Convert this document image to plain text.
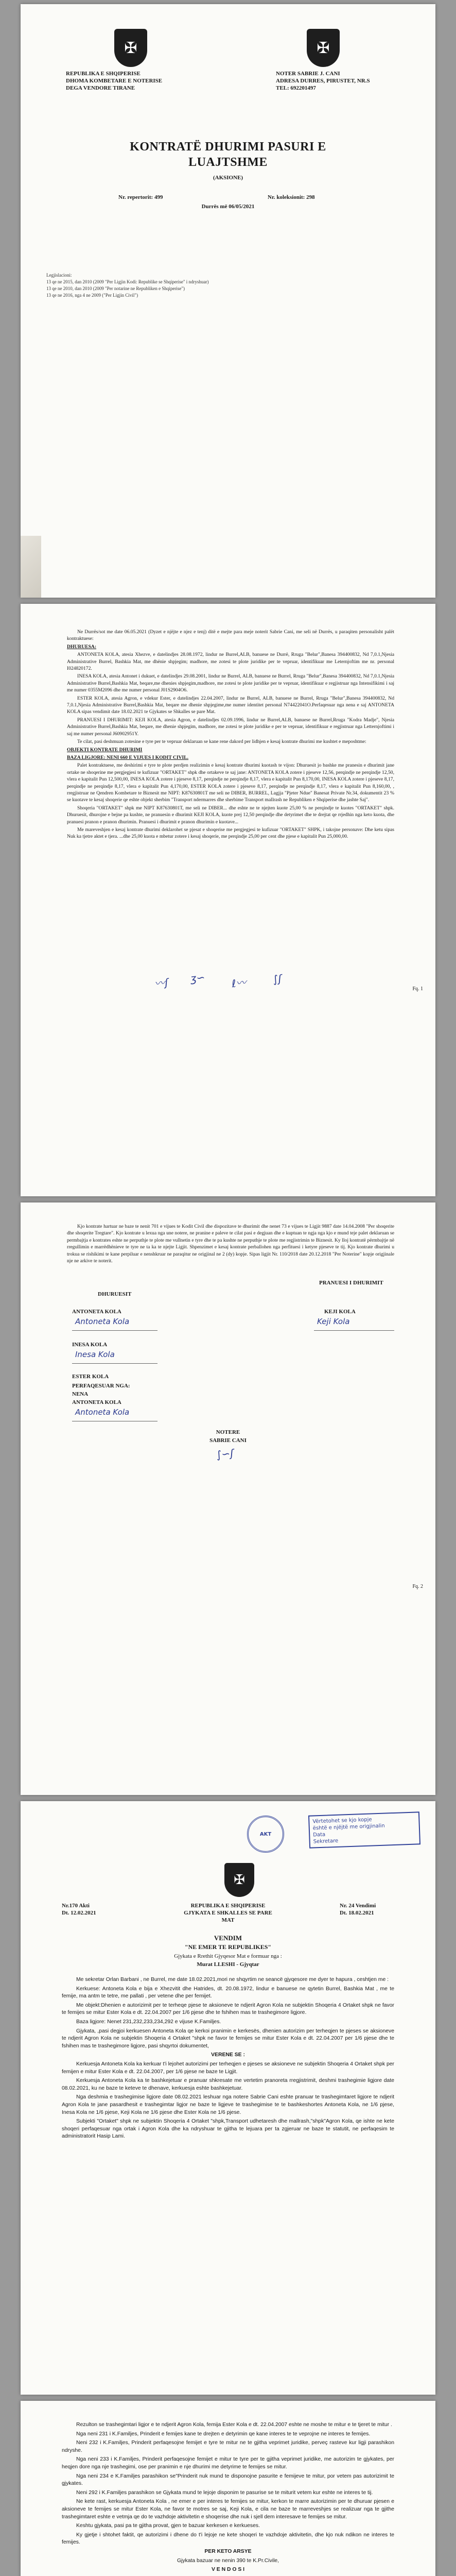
✠	✠
REPUBLIKA E SHQIPERISE
DHOMA KOMBETARE E NOTERISE
DEGA VENDORE TIRANE
NOTER SABRIE J. CANI
ADRESA DURRES, PIRUSTET, NR.S
TEL: 692201497
KONTRATË DHURIMI PASURI E
LUAJTSHME
(AKSIONE)
Nr. repertorit: 499	Nr. koleksionit: 298
Durrës më 06/05/2021
Legjislacioni:
13 qe ne 2015, dan 2010 (2009 "Per Ligjin Kodi: Republike se Shqiperise" i ndryshuar)
13 qe ne 2010, dan 2010 (2009 "Per notarine ne Republiken e Shqiperise")
13 qe ne 2016, nga 4 ne 2009 ("Per Ligjin Civil")

Ne Durrës/sot me date 06.05.2021 (Dyzet e njëjte e njez e tenj) ditë e mejte para meje noterit Sabrie Cani, me seli në Durrës, u paraqiten personalisht palët kontraktuese:

DHURUESA:

ANTONETA KOLA, atesia Xhezve, e datelindjes 28.08.1972, lindur ne Burrel,ALB, banuese ne Durrë, Rruga "Belur",Banesa 394400832, Nd 7,0.1,Njesia Administrative Burrel, Bashkia Mat, me dhënie shpjegim; madhore, me zotesi te plote juridike per te vepruar, identifikuar me Leternjoftim me nr. personal I024820172.

INESA KOLA, atesia Antonet i dukuet, e datelindjes 29.08.2001, lindur ne Burrel, ALB, banuese ne Burrel, Rruga "Belur",Banesa 394400832, Nd 7,0.1,Njesia Administrative Burrel,Bashkia Mat, beqare,me dhenies shpjegim,madhore, me zotesi te plote juridike per te vepruar, identifikuar e regjistruar nga Intensifikimi i saj me numer 0355M2096 dhe me numer personal J01S2904O6.

ESTER KOLA, atesia Agron, e vdekur Ester, e datelindjes 22.04.2007, lindur ne Burrel, ALB, banuese ne Burrel, Rruga "Belur",Banesa 394400832, Nd 7,0.1,Njesia Administrative Burrel,Bashkia Mat, beqare me dhenie shpjegime,me numer identitet personal N74422041O.Perfaqesuar nga nena e saj ANTONETA KOLA sipas vendimit date 18.02.2021 te Gjykates se Shkalles se pare Mat.

PRANUESI I DHURIMIT: KEJI KOLA, atesia Agron, e datelindjes 02.09.1996, lindur ne Burrel,ALB, banuese ne Burrel,Rruga "Kodra Madje", Njesia Administrative Burrel,Bashkia Mat, beqare, me dhenie shpjegim, madhore, me zotesi te plote juridike e per te vepruar, identifikuar e regjistruar nga Letternjoftimi i saj me numer personal J60902951Y.

Te cilat, pasi deshmuan zotesine e tyre per te vepruar deklaruan se kane rene dakord per lidhjen e kesaj kontrate dhurimi me kushtet e meposhtme:

OBJEKTI KONTRATE DHURIMI

BAZA LIGJORE: NENI 660 E VIJUES I KODIT CIVIL.

Palet kontraktuese, me deshirimi e tyre te plote perdjen realizimin e kesaj kontrate dhurimi kuotash te vijon: Dhuruesit jo bashke me pranesin e dhurimit jane ortake ne shoqerine me pergjegjesi te kufizuar "ORTAKET" shpk dhe ortakeve te saj jane: ANTONETA KOLA zotere i pjeseve 12,56, perqindje ne perqindje 12,50, vlera e kapitalit Pun 12,500,00, INESA KOLA zotere i pjeseve 8,17, perqindje ne perqindje 8,17, vlera e kapitalit Pun 8,170,00, INESA KOLA zotere i pjeseve 8,17, perqindje ne perqindje 8,17, vlera e kapitalit Pun 4,170,00, ESTER KOLA zotere i pjeseve 8,17, perqindje ne perqindje 8,17, vlera e kapitalit Pun 8,160,00, , rregjistruar ne Qendren Kombetare te Biznesit me NIPT: K87630801T me seli ne DIBER, BURREL, Lagjja "Pjeter Ndue" Banesat Private Nr.34, dokumentit 23 % se kuotave te kesaj shoqerie qe eshte objekt sherbim "Transport ndermarres dhe sherbime Transport mallrash ne Republiken e Shqiperise dhe jashte Saj".

Shoqeria "ORTAKET" shpk me NIPT K87630801T, me seli ne DIBER... dhe eshte ne te njejten kuote 25,00 % ne perqindje te kuotes "ORTAKET" shpk. Dhuruesit, dhurojne e bejne pa kushte, ne pranuesin e dhurimit KEJI KOLA, kuote prej 12,50 perqindje dhe detyrimet dhe te drejtat qe rrjedhin nga keto kuota, dhe pranuesi pranon e pranon dhurimin. Pranuesi i dhurimit e pranon dhurimin e kuotave...

Me mareveshjen e kesaj kontrate dhurimi deklarohet se pjesat e shoqerise me pergjegjesi te kufizuar "ORTAKET" SHPK, i takojne personave: Dhe ketu sipas Nuk ka tjetre aktet e tjera. ...dhe 25,00 kuota e mbetur zotere i kesaj shoqerie, me perqindje 25,00 per cent dhe pjese e kapitalit Pun 25,000,00.

〰ʃ ʒ∽ ℓ〰 ∫ʃ
Fq. 1

Kjo kontrate hartuar ne baze te nenit 701 e vijues te Kodit Civil dhe dispozitave te dhurimit dhe nenet 73 e vijues te Ligjit 9887 date 14.04.2008 "Per shoqerite dhe shoqerite Tregtare". Kjo kontrate u lexua nga une notere, ne pranine e paleve te cilat pasi e degjuan dhe e kuptuan te ngja nga kjo e mund teje palet deklaruan se permbajtja e kontrates eshte ne perputhje te plote me vullnetin e tyre dhe te pa kushte ne perputhje te plote me regjistrimin te Biznesit. Ky lloj kontratë përmbajtje në rregullimin e marrëdhënieve te tyre ne ta ka te njejte Ligjit. Shpenzimet e kesaj kontrate perballohen nga perfituesi i ketyre pjeseve te tij. Kjo kontrate dhurimi u trokua se rishikimi te kane perpiluar e nenshkruar ne paraqitur ne origjinal ne 2 (dy) kopje. Sipas ligjit Nr. 110/2018 date 20.12.2018 "Per Noterine" kopje origjinale nje ne arkive te noterit.

PRANUESI I DHURIMIT
DHURUESIT
ANTONETA KOLA
Antoneta Kola
KEJI KOLA
Keji Kola
INESA KOLA
Inesa Kola
ESTER KOLA
PERFAQESUAR NGA:
NENA
ANTONETA KOLA
Antoneta Kola
NOTERE
SABRIE CANI
∫∽ʃ
Fq. 2
Vërtetohet se kjo kopje
është e njëjtë me origjinalin
Data
Sekretare
AKT
✠
Nr.170 Akti
Dt. 12.02.2021
Nr. 24 Vendimi
Dt. 18.02.2021
REPUBLIKA E SHQIPERISE
GJYKATA E SHKALLES SE PARE
MAT
VENDIM
"NE EMER TE REPUBLIKES"
Gjykata e Rrethit Gjyqesor Mat e formuar nga :
Murat LLESHI - Gjyqtar

Me sekretar Orlan Barbani , ne Burrel, me date 18.02.2021,mori ne shqyrtim ne seancë gjyqesore me dyer te hapura , ceshtjen me :

Kerkuese: Antoneta Kola e bija e Xhezvitit dhe Hatrides, dt. 20.08.1972, lindur e banuese ne qytetin Burrel, Bashkia Mat , me te femije, ma antm te tetre, me pallati , per vetene dhe per femijet.

Me objekt:Dhenien e autorizimit per te terheqe pjese te aksioneve te ndjerit Agron Kola ne subjektin Shoqeria 4 Ortaket shpk ne favor te femijes se mitur Ester Kola e dt. 22.04.2007 per 1/6 pjese dhe te fshihen mas te trashegimore ligjore.

Baza ligjore: Nenet 231,232,233,234,292 e vijuse K.Familjes.

Gjykata, ,pasi degjoi kerkuesen Antoneta Kola qe kerkoi pranimin e kerkesës, dhenien autorizim per terheqjen te pjeses se aksioneve te ndjerit Agron Kola ne subjektin Shoqeria 4 Ortaket "shpk ne favor te femijes se mitur Ester Kola e dt. 22.04.2007 per 1/6 pjese dhe te fshihen mas te trashegimore ligjore, pasi shqyrtoi dokumentet,

VERENE SE :

Kerkuesja Antoneta Kola ka kerkuar t'i lejohet autorizimi per terheqjen e pjeses se aksioneve ne subjektin Shoqeria 4 Ortaket shpk per femijen e mitur Ester Kola e dt. 22.04.2007, per 1/6 pjese ne baze te Ligjit.

Kerkuesja Antoneta Kola ka te bashkejetuar e pranuar shkresate me vertetim pranoreta rregjistrimit, deshmi trashegimie ligjore date 08.02.2021, ku ne baze te keteve te dhenave, kerkuesja eshte bashkejetuar.

Nga deshmia e trashegimise ligjore date 08.02.2021 leshuar nga notere Sabrie Cani eshte pranuar te trashegimtaret ligjore te ndjerit Agron Kola te jane pasardhesit e trashegimtar ligjor ne baze te ligjeve te trashegimise te te bashkeshortes Antoneta Kola, ne 1/6 pjese, Inesa Kola ne 1/6 pjese, Keji Kola ne 1/6 pjese dhe Ester Kola ne 1/6 pjese.

Subjekti "Ortaket" shpk ne subjektin Shoqeria 4 Ortaket "shpk,Transport udhetaresh dhe mallrash,"shpk"Agron Kola, qe ishte ne kete shoqeri perfaqesuar nga ortak i Agron Kola dhe ka ndryshuar te gjitha te lejuara per ta zgjeruar ne baze te statutit, ne perfaqesim te administratorit Hasip Lami.

Rezulton se trashegimtari ligjor e te ndjerit Agron Kola, femija Ester Kola e dt. 22.04.2007 eshte ne moshe te mitur e te tjeret te mitur .

Nga neni 231 i K.Familjes, Prinderit e femijes kane te drejten e detyrimin qe kane interes te te veprojne ne interes te femijes.

Neni 232 i K.Familjes, Prinderit perfaqesojne femijet e tyre te mitur ne te gjitha veprimet juridike, perveç rasteve kur ligji parashikon ndryshe.

Nga neni 233 i K.Familjes, Prinderit perfaqesojne femijet e mitur te tyre per te gjitha veprimet juridike, me autorizim te gjykates, per heqjen dore nga nje trashegimi, ose per pranimin e nje dhurimi me detyrime te femijes se mitur.

Nga neni 234 e K.Familjes parashikon se"Prinderit nuk mund te disponojne pasurite e femijeve te mitur, por vetem pas autorizimit te gjykates.

Neni 292 i K.Familjes parashikon se Gjykata mund te lejoje disponim te pasurise se te miturit vetem kur eshte ne interes te tij.

Ne kete rast, kerkuesja Antoneta Kola , ne emer e per interes te femijes se mitur, kerkon te marre autorizimin per te dhuruar pjesen e aksioneve te femijes se mitur Ester Kola, ne favor te motres se saj, Keji Kola, e cila ne baze te marreveshjes se realizuar nga te gjithe trashegimtaret eshte e vetmja qe do te vazhdoje aktivitetin e shoqerise dhe nuk i sjell dem interesave te femijes se mitur.

Keshtu gjykata, pasi pa te gjitha provat, gjen te bazuar kerkesen e kerkueses.

Ky gjetje i shtohet faktit, qe autorizimi i dhene do t'i lejoje ne kete shoqeri te vazhdoje aktivitetin, dhe kjo nuk ndikon ne interes te femijes.

PER KETO ARSYE

Gjykata bazuar ne nenin 390 te K.Pr.Civile,

V E N D O S I
